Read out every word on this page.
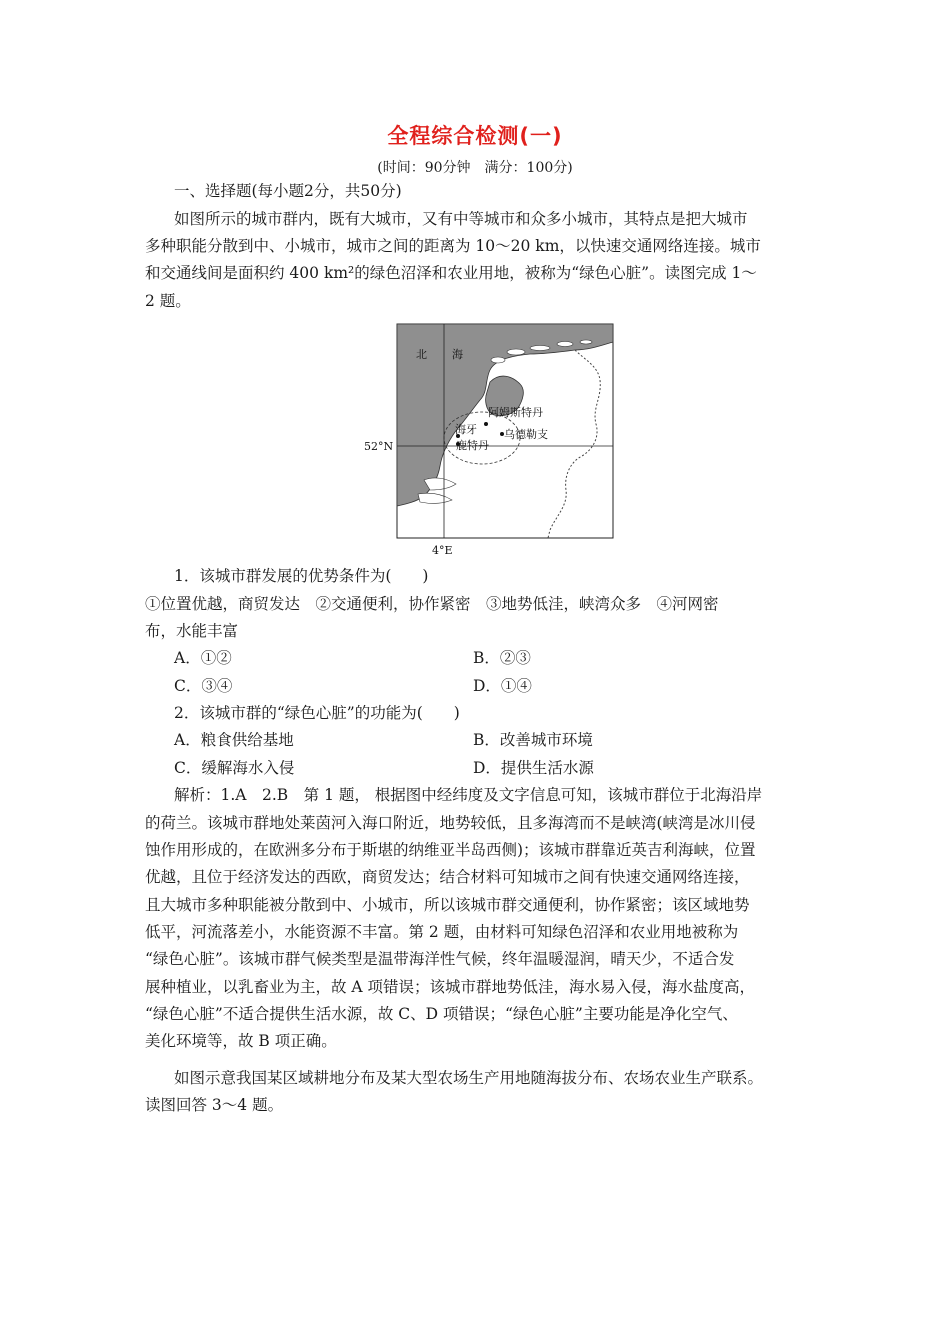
全程综合检测(一)
(时间：90分钟　满分：100分)
一、选择题(每小题2分，共50分)
如图所示的城市群内，既有大城市，又有中等城市和众多小城市，其特点是把大城市
多种职能分散到中、小城市，城市之间的距离为 10～20 km，以快速交通网络连接。城市
和交通线间是面积约 400 km²的绿色沼泽和农业用地，被称为“绿色心脏”。读图完成 1～
2 题。
北 海
阿姆斯特丹
海牙 乌德勒支
鹿特丹
52°N
4°E
1．该城市群发展的优势条件为(　　)
①位置优越，商贸发达　②交通便利，协作紧密　③地势低洼，峡湾众多　④河网密
布，水能丰富
A．①②	B．②③
C．③④	D．①④
2．该城市群的“绿色心脏”的功能为(　　)
A．粮食供给基地	B．改善城市环境
C．缓解海水入侵	D．提供生活水源
解析：1.A　2.B　第 1 题， 根据图中经纬度及文字信息可知，该城市群位于北海沿岸
的荷兰。该城市群地处莱茵河入海口附近，地势较低，且多海湾而不是峡湾(峡湾是冰川侵
蚀作用形成的，在欧洲多分布于斯堪的纳维亚半岛西侧)；该城市群靠近英吉利海峡，位置
优越，且位于经济发达的西欧，商贸发达；结合材料可知城市之间有快速交通网络连接，
且大城市多种职能被分散到中、小城市，所以该城市群交通便利，协作紧密；该区域地势
低平，河流落差小，水能资源不丰富。第 2 题，由材料可知绿色沼泽和农业用地被称为
“绿色心脏”。该城市群气候类型是温带海洋性气候，终年温暖湿润，晴天少，不适合发
展种植业，以乳畜业为主，故 A 项错误；该城市群地势低洼，海水易入侵，海水盐度高，
“绿色心脏”不适合提供生活水源，故 C、D 项错误；“绿色心脏”主要功能是净化空气、
美化环境等，故 B 项正确。
如图示意我国某区域耕地分布及某大型农场生产用地随海拔分布、农场农业生产联系。
读图回答 3～4 题。
